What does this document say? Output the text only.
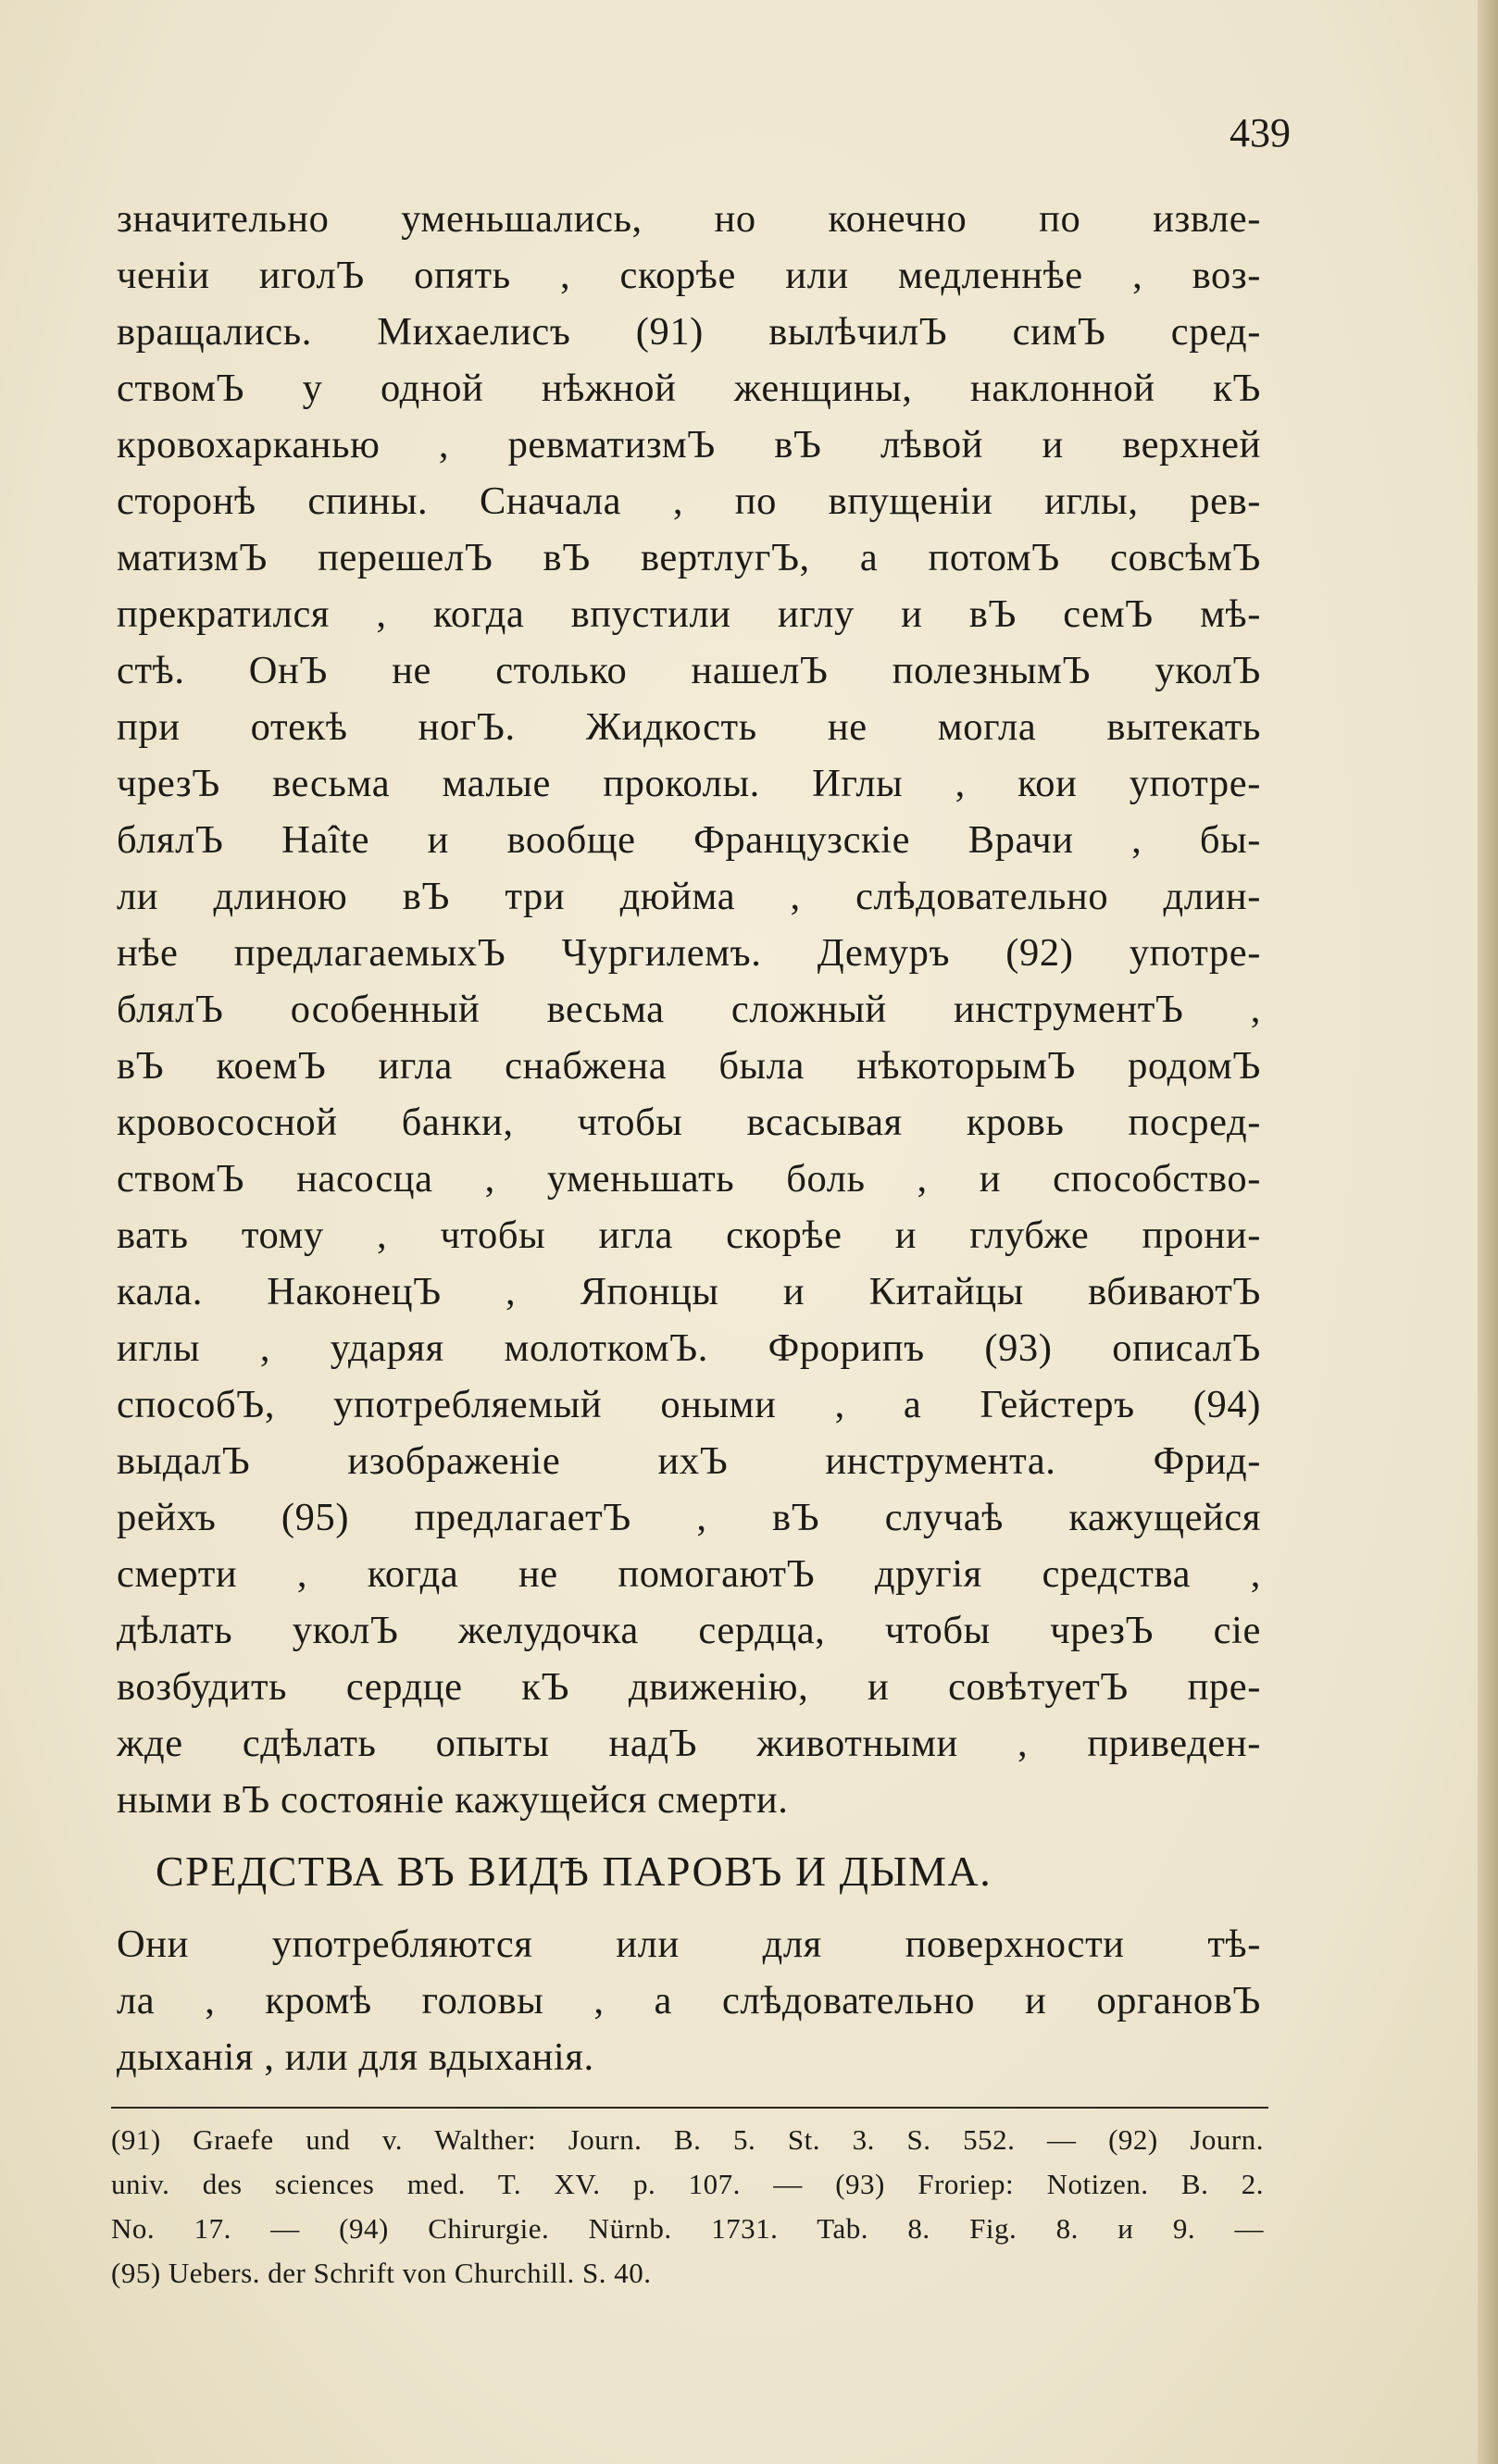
439
значительно уменьшались, но конечно по извле-
ченіи иголЪ опять , скорѣе или медленнѣе , воз-
вращались. Михаелисъ (91) вылѣчилЪ симЪ сред-
ствомЪ у одной нѣжной женщины, наклонной кЪ
кровохарканью , ревматизмЪ вЪ лѣвой и верхней
сторонѣ спины. Сначала , по впущеніи иглы, рев-
матизмЪ перешелЪ вЪ вертлугЪ, а потомЪ совсѣмЪ
прекратился , когда впустили иглу и вЪ семЪ мѣ-
стѣ. ОнЪ не столько нашелЪ полезнымЪ уколЪ
при отекѣ ногЪ. Жидкость не могла вытекать
чрезЪ весьма малые проколы. Иглы , кои употре-
блялЪ Haîte и вообще Французскіе Врачи , бы-
ли длиною вЪ три дюйма , слѣдовательно длин-
нѣе предлагаемыхЪ Чургилемъ. Демуръ (92) употре-
блялЪ особенный весьма сложный инструментЪ ,
вЪ коемЪ игла снабжена была нѣкоторымЪ родомЪ
кровососной банки, чтобы всасывая кровь посред-
ствомЪ насосца , уменьшать боль , и способство-
вать тому , чтобы игла скорѣе и глубже прони-
кала. НаконецЪ , Японцы и Китайцы вбиваютЪ
иглы , ударяя молоткомЪ. Фрорипъ (93) описалЪ
способЪ, употребляемый оными , а Гейстеръ (94)
выдалЪ изображеніе ихЪ инструмента. Фрид-
рейхъ (95) предлагаетЪ , вЪ случаѣ кажущейся
смерти , когда не помогаютЪ другія средства ,
дѣлать уколЪ желудочка сердца, чтобы чрезЪ сіе
возбудить сердце кЪ движенію, и совѣтуетЪ пре-
жде сдѣлать опыты надЪ животными , приведен-
ными вЪ состояніе кажущейся смерти.
СРЕДСТВА ВЪ ВИДѢ ПАРОВЪ И ДЫМА.
Они употребляются или для поверхности тѣ-
ла , кромѣ головы , а слѣдовательно и органовЪ
дыханія , или для вдыханія.
(91) Graefe und v. Walther: Journ. B. 5. St. 3. S. 552. — (92) Journ.
univ. des sciences med. T. XV. p. 107. — (93) Froriep: Notizen. B. 2.
No. 17. — (94) Chirurgie. Nürnb. 1731. Tab. 8. Fig. 8. и 9. —
(95) Uebers. der Schrift von Churchill. S. 40.
